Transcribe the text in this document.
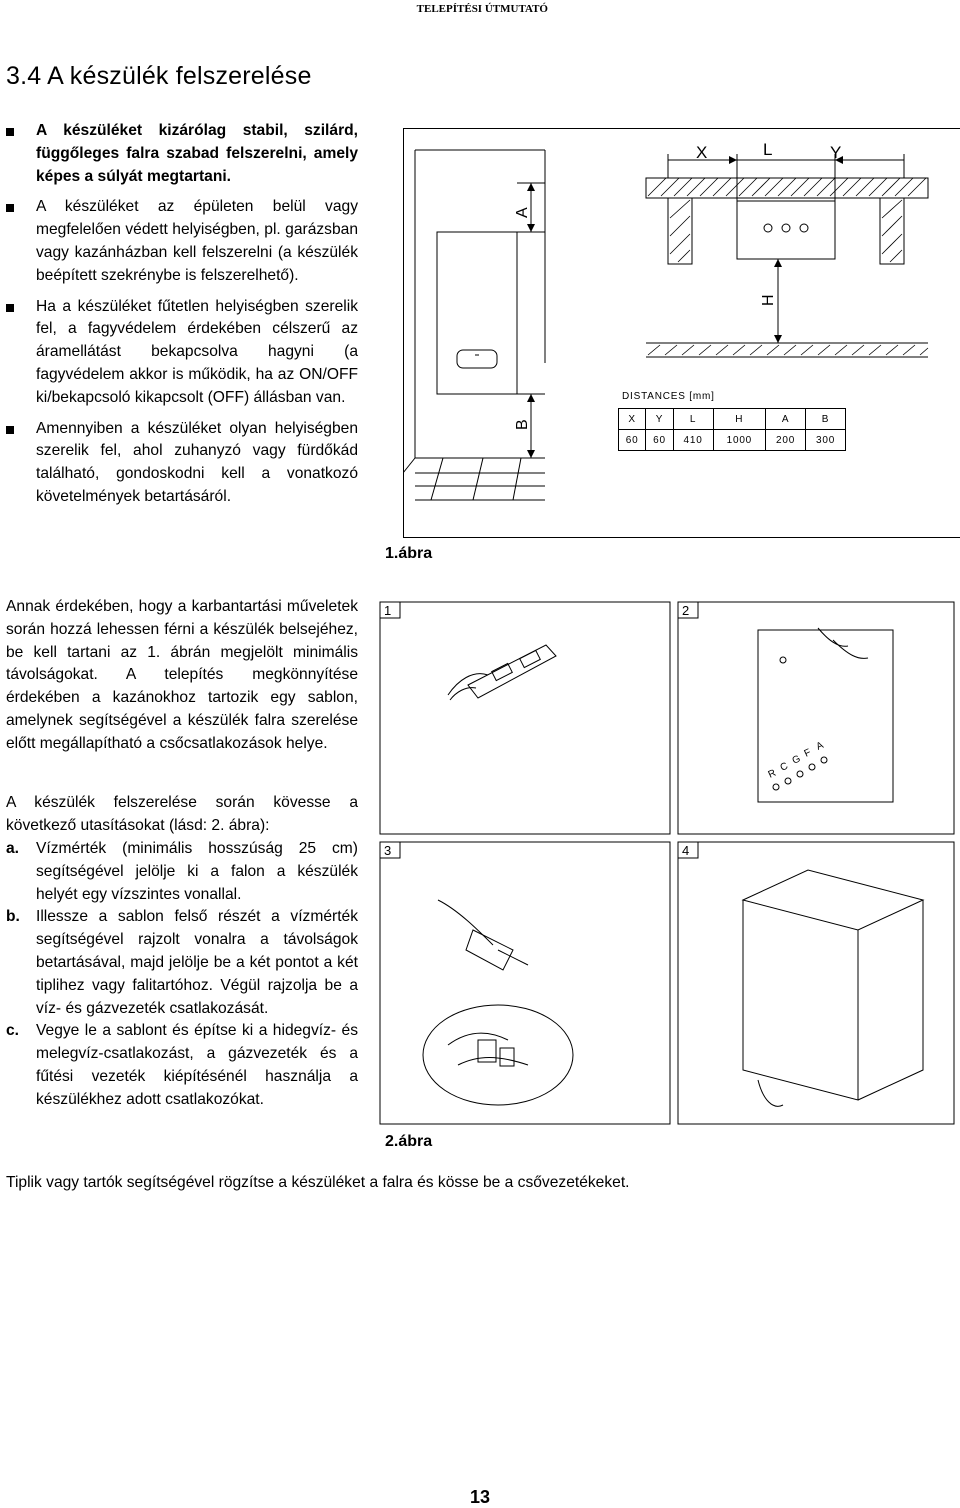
TELEPÍTÉSI ÚTMUTATÓ
3.4 A készülék felszerelése
A készüléket kizárólag stabil, szilárd, függőleges falra szabad felszerelni, amely képes a súlyát megtartani.
A készüléket az épületen belül vagy megfelelően védett helyiségben, pl. garázsban vagy kazánházban kell felszerelni (a készülék beépített szekrénybe is felszerelhető).
Ha a készüléket fűtetlen helyiségben szerelik fel, a fagyvédelem érdekében célszerű az áramellátást bekapcsolva hagyni (a fagyvédelem akkor is működik, ha az ON/OFF ki/bekapcsoló kikapcsolt (OFF) állásban van.
Amennyiben a készüléket olyan helyiségben szerelik fel, ahol zuhanyzó vagy fürdőkád található, gondoskodni kell a vonatkozó követelmények betartásáról.
A
B
X	L	Y
H
DISTANCES [mm]
X	Y	L	H	A	B
60	60	410	1000	200	300
1.ábra
Annak érdekében, hogy a karbantartási műveletek során hozzá lehessen férni a készülék belsejéhez, be kell tartani az 1. ábrán megjelölt minimális távolságokat. A telepítés megkönnyítése érdekében a kazánokhoz tartozik egy sablon, amelynek segítségével a készülék falra szerelése előtt megállapítható a csőcsatlakozások helye.
A készülék felszerelése során kövesse a következő utasításokat (lásd: 2. ábra):
a. Vízmérték (minimális hosszúság 25 cm) segítségével jelölje ki a falon a készülék helyét egy vízszintes vonallal.
b. Illessze a sablon felső részét a vízmérték segítségével rajzolt vonalra a távolságok betartásával, majd jelölje be a két pontot a két tiplihez vagy falitartóhoz. Végül rajzolja be a víz- és gázvezeték csatlakozását.
c. Vegye le a sablont és építse ki a hidegvíz- és melegvíz-csatlakozást, a gázvezeték és a fűtési vezeték kiépítésénél használja a készülékhez adott csatlakozókat.
1	2
3	4
R
C
G
F
A
2.ábra
Tiplik vagy tartók segítségével rögzítse a készüléket a falra és kösse be a csővezetékeket.
13
